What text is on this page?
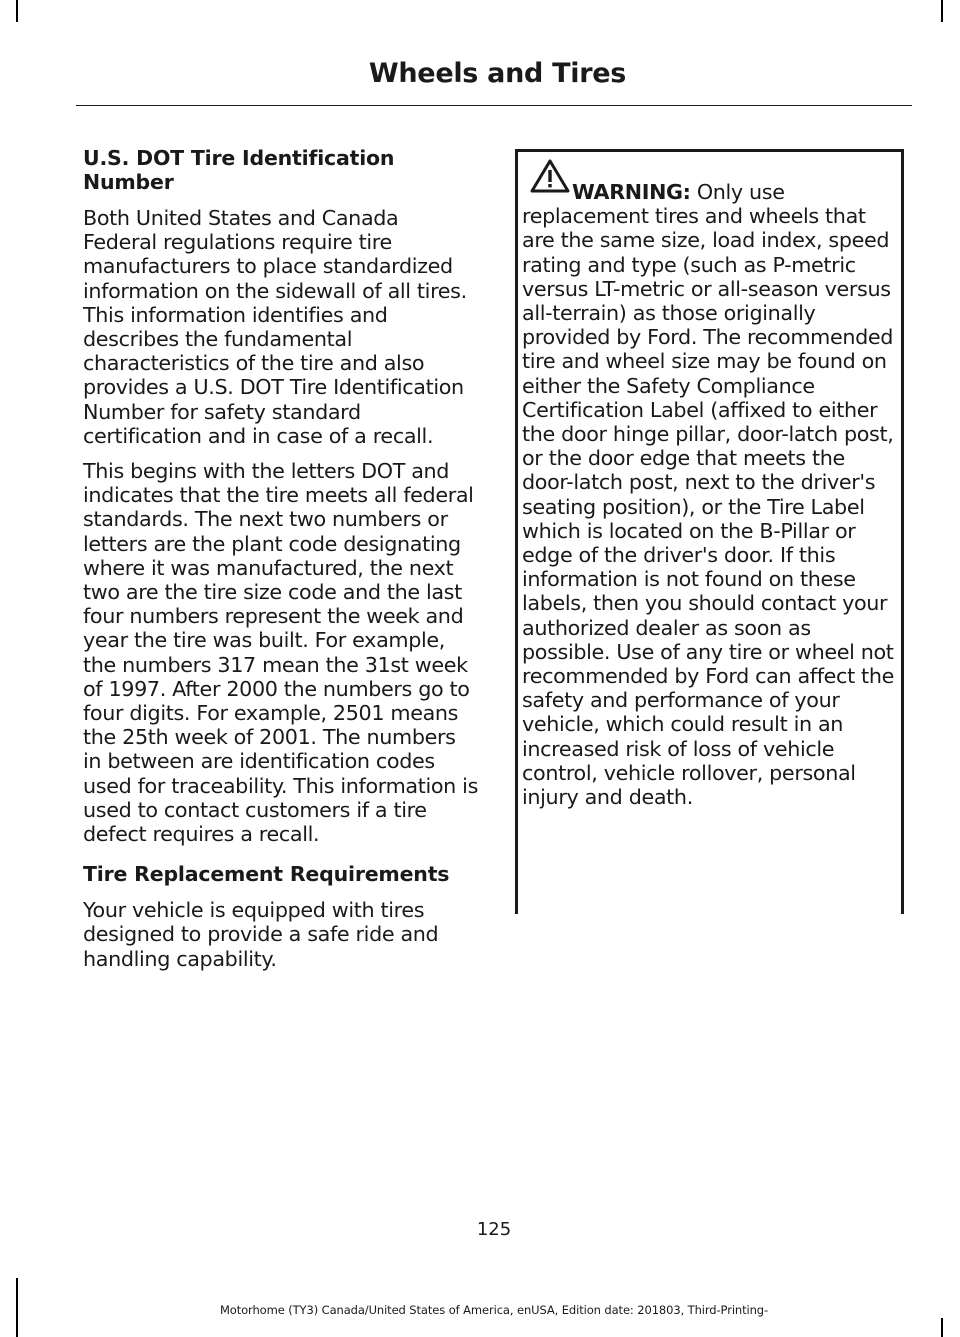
Wheels and Tires
U.S. DOT Tire Identification Number

Both United States and Canada Federal regulations require tire manufacturers to place standardized information on the sidewall of all tires. This information identifies and describes the fundamental characteristics of the tire and also provides a U.S. DOT Tire Identification Number for safety standard certification and in case of a recall.

This begins with the letters DOT and indicates that the tire meets all federal standards. The next two numbers or letters are the plant code designating where it was manufactured, the next two are the tire size code and the last four numbers represent the week and year the tire was built. For example, the numbers 317 mean the 31st week of 1997. After 2000 the numbers go to four digits. For example, 2501 means the 25th week of 2001. The numbers in between are identification codes used for traceability. This information is used to contact customers if a tire defect requires a recall.

Tire Replacement Requirements

Your vehicle is equipped with tires designed to provide a safe ride and handling capability.

WARNING: Only use replacement tires and wheels that are the same size, load index, speed rating and type (such as P-metric versus LT-metric or all-season versus all-terrain) as those originally provided by Ford. The recommended tire and wheel size may be found on either the Safety Compliance Certification Label (affixed to either the door hinge pillar, door-latch post, or the door edge that meets the door-latch post, next to the driver's seating position), or the Tire Label which is located on the B-Pillar or edge of the driver's door. If this information is not found on these labels, then you should contact your authorized dealer as soon as possible. Use of any tire or wheel not recommended by Ford can affect the safety and performance of your vehicle, which could result in an increased risk of loss of vehicle control, vehicle rollover, personal injury and death.
125
Motorhome (TY3) Canada/United States of America, enUSA, Edition date: 201803, Third-Printing-
